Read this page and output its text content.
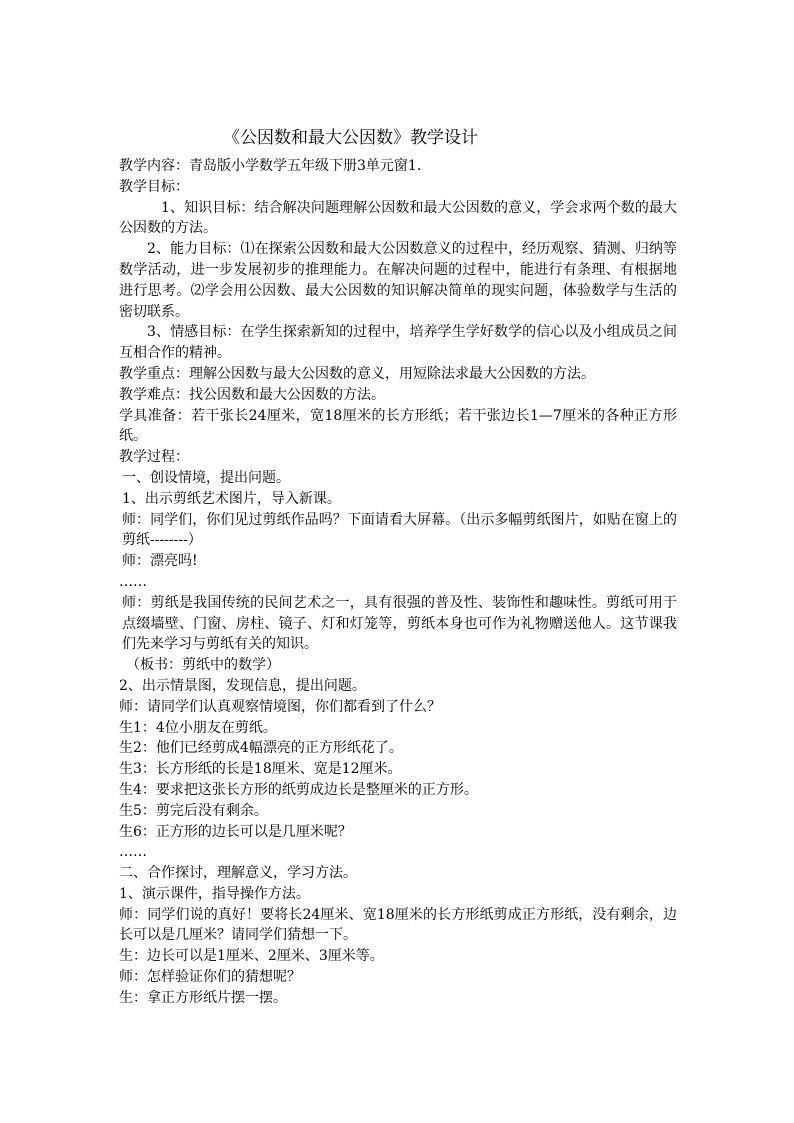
《公因数和最大公因数》教学设计

教学内容：青岛版小学数学五年级下册3单元窗1.

教学目标：

1、知识目标：结合解决问题理解公因数和最大公因数的意义，学会求两个数的最大公因数的方法。

2、能力目标：⑴在探索公因数和最大公因数意义的过程中，经历观察、猜测、归纳等数学活动，进一步发展初步的推理能力。在解决问题的过程中，能进行有条理、有根据地进行思考。⑵学会用公因数、最大公因数的知识解决简单的现实问题，体验数学与生活的密切联系。

3、情感目标：在学生探索新知的过程中，培养学生学好数学的信心以及小组成员之间互相合作的精神。

教学重点：理解公因数与最大公因数的意义，用短除法求最大公因数的方法。

教学难点：找公因数和最大公因数的方法。

学具准备：若干张长24厘米，宽18厘米的长方形纸；若干张边长1—7厘米的各种正方形纸。

教学过程：

一、创设情境，提出问题。

1、出示剪纸艺术图片，导入新课。

师：同学们，你们见过剪纸作品吗？下面请看大屏幕。（出示多幅剪纸图片，如贴在窗上的剪纸--------）

师：漂亮吗!

……

师：剪纸是我国传统的民间艺术之一，具有很强的普及性、装饰性和趣味性。剪纸可用于点缀墙壁、门窗、房柱、镜子、灯和灯笼等，剪纸本身也可作为礼物赠送他人。这节课我们先来学习与剪纸有关的知识。

（板书：剪纸中的数学）

2、出示情景图，发现信息，提出问题。

师：请同学们认真观察情境图，你们都看到了什么？

生1：4位小朋友在剪纸。

生2：他们已经剪成4幅漂亮的正方形纸花了。

生3：长方形纸的长是18厘米、宽是12厘米。

生4：要求把这张长方形的纸剪成边长是整厘米的正方形。

生5：剪完后没有剩余。

生6：正方形的边长可以是几厘米呢？

……

二、合作探讨，理解意义，学习方法。

1、演示课件，指导操作方法。

师：同学们说的真好！要将长24厘米、宽18厘米的长方形纸剪成正方形纸，没有剩余，边长可以是几厘米？请同学们猜想一下。

生：边长可以是1厘米、2厘米、3厘米等。

师：怎样验证你们的猜想呢？

生：拿正方形纸片摆一摆。
